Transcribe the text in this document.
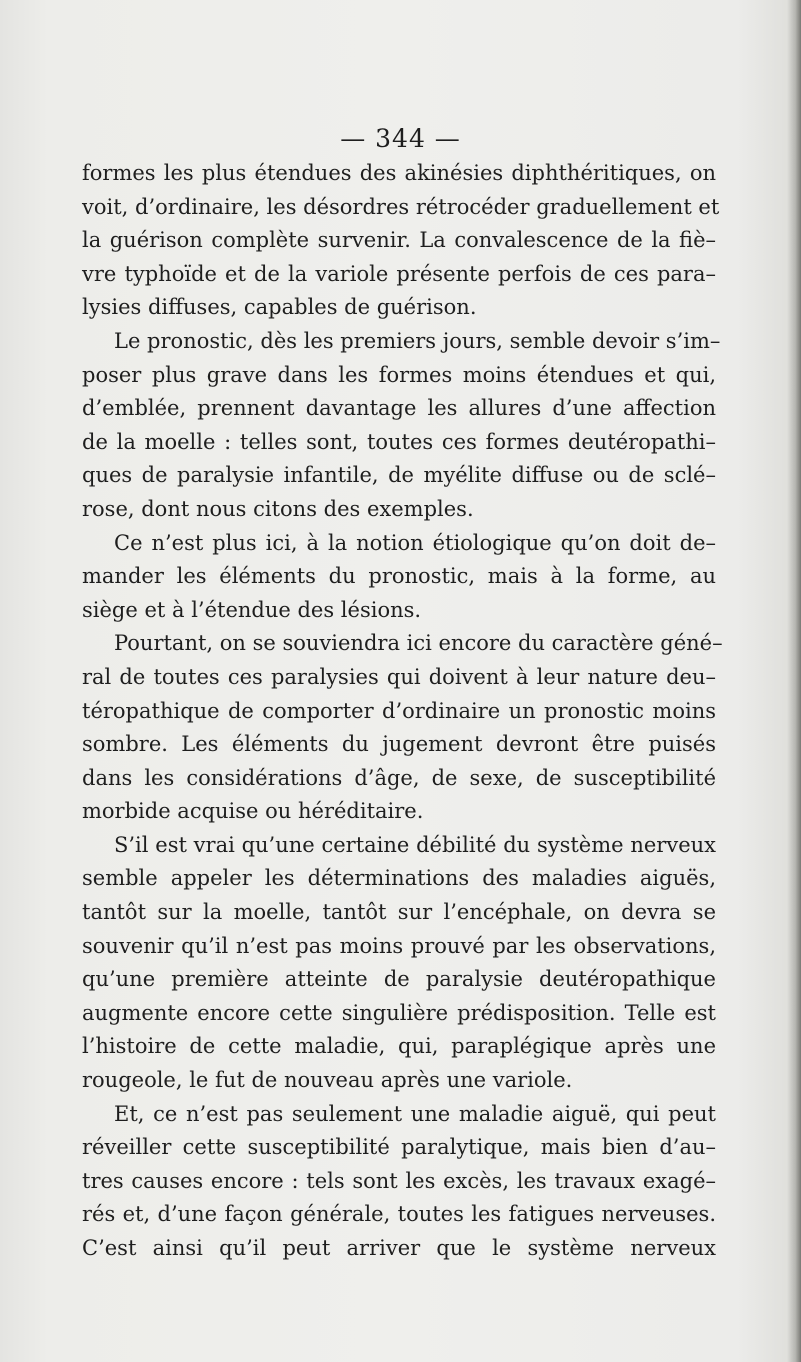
— 344 —
formes les plus étendues des akinésies diphthéritiques, on
voit, d’ordinaire, les désordres rétrocéder graduellement et
la guérison complète survenir. La convalescence de la fiè–
vre typhoïde et de la variole présente perfois de ces para–
lysies diffuses, capables de guérison.
Le pronostic, dès les premiers jours, semble devoir s’im–
poser plus grave dans les formes moins étendues et qui,
d’emblée, prennent davantage les allures d’une affection
de la moelle : telles sont, toutes ces formes deutéropathi–
ques de paralysie infantile, de myélite diffuse ou de sclé–
rose, dont nous citons des exemples.
Ce n’est plus ici, à la notion étiologique qu’on doit de–
mander les éléments du pronostic, mais à la forme, au
siège et à l’étendue des lésions.
Pourtant, on se souviendra ici encore du caractère géné–
ral de toutes ces paralysies qui doivent à leur nature deu–
téropathique de comporter d’ordinaire un pronostic moins
sombre. Les éléments du jugement devront être puisés
dans les considérations d’âge, de sexe, de susceptibilité
morbide acquise ou héréditaire.
S’il est vrai qu’une certaine débilité du système nerveux
semble appeler les déterminations des maladies aiguës,
tantôt sur la moelle, tantôt sur l’encéphale, on devra se
souvenir qu’il n’est pas moins prouvé par les observations,
qu’une première atteinte de paralysie deutéropathique
augmente encore cette singulière prédisposition. Telle est
l’histoire de cette maladie, qui, paraplégique après une
rougeole, le fut de nouveau après une variole.
Et, ce n’est pas seulement une maladie aiguë, qui peut
réveiller cette susceptibilité paralytique, mais bien d’au–
tres causes encore : tels sont les excès, les travaux exagé–
rés et, d’une façon générale, toutes les fatigues nerveuses.
C’est ainsi qu’il peut arriver que le système nerveux
